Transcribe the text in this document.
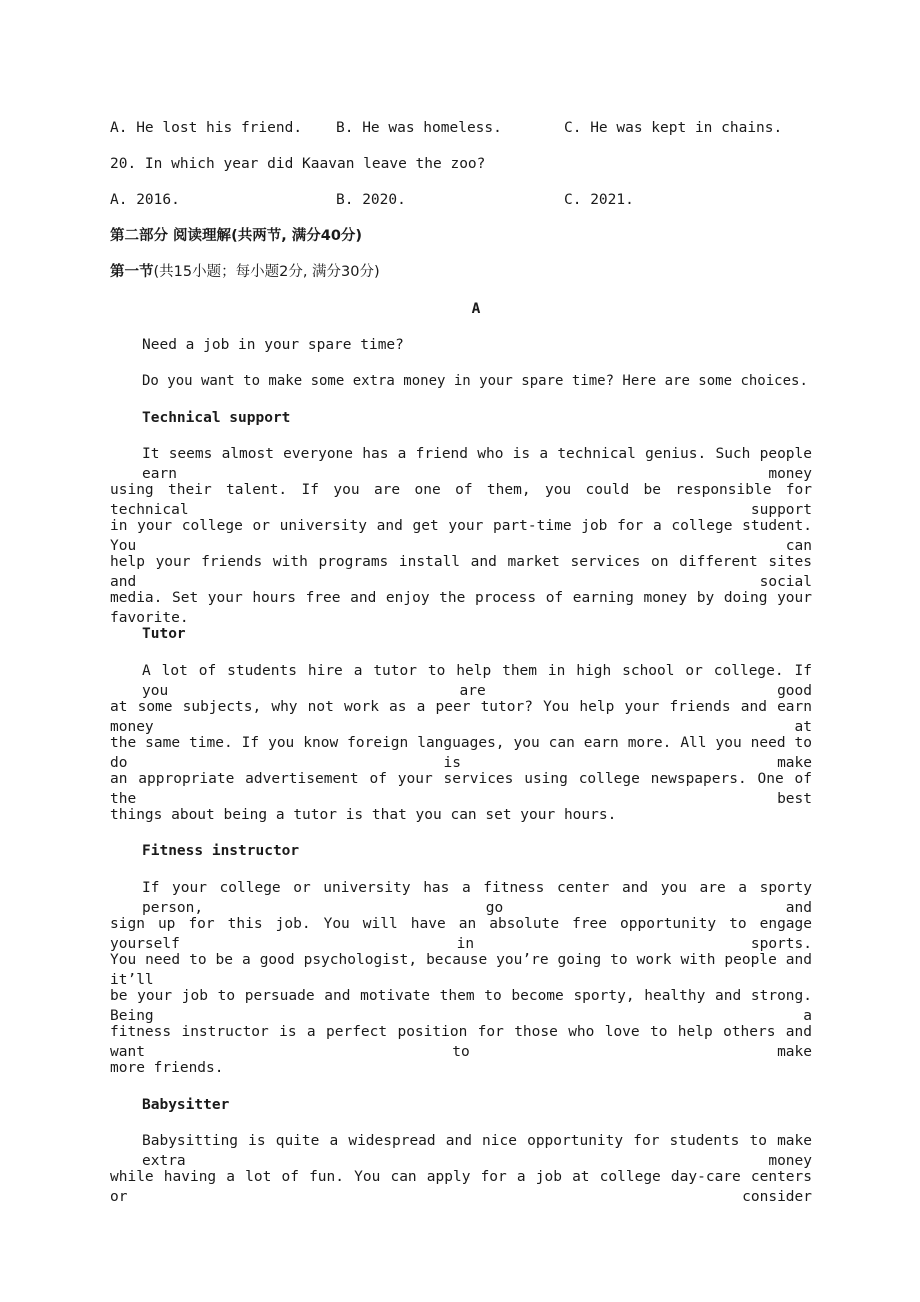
A. He lost his friend. B. He was homeless.	C. He was kept in chains.
20. In which year did Kaavan leave the zoo?
A. 2016.	B. 2020.	C. 2021.
第二部分 阅读理解(共两节, 满分40分)
第一节(共15小题；每小题2分, 满分30分)
A
Need a job in your spare time?
Do you want to make some extra money in your spare time? Here are some choices.
Technical support
It seems almost everyone has a friend who is a technical genius. Such people earn money
using their talent. If you are one of them, you could be responsible for technical support
in your college or university and get your part-time job for a college student. You can
help your friends with programs install and market services on different sites and social
media. Set your hours free and enjoy the process of earning money by doing your favorite.
Tutor
A lot of students hire a tutor to help them in high school or college. If you are good
at some subjects, why not work as a peer tutor? You help your friends and earn money at
the same time. If you know foreign languages, you can earn more. All you need to do is make
an appropriate advertisement of your services using college newspapers. One of the best
things about being a tutor is that you can set your hours.
Fitness instructor
If your college or university has a fitness center and you are a sporty person, go and
sign up for this job. You will have an absolute free opportunity to engage yourself in sports.
You need to be a good psychologist, because you’re going to work with people and it’ll
be your job to persuade and motivate them to become sporty, healthy and strong. Being a
fitness instructor is a perfect position for those who love to help others and want to make
more friends.
Babysitter
Babysitting is quite a widespread and nice opportunity for students to make extra money
while having a lot of fun. You can apply for a job at college day-care centers or consider
